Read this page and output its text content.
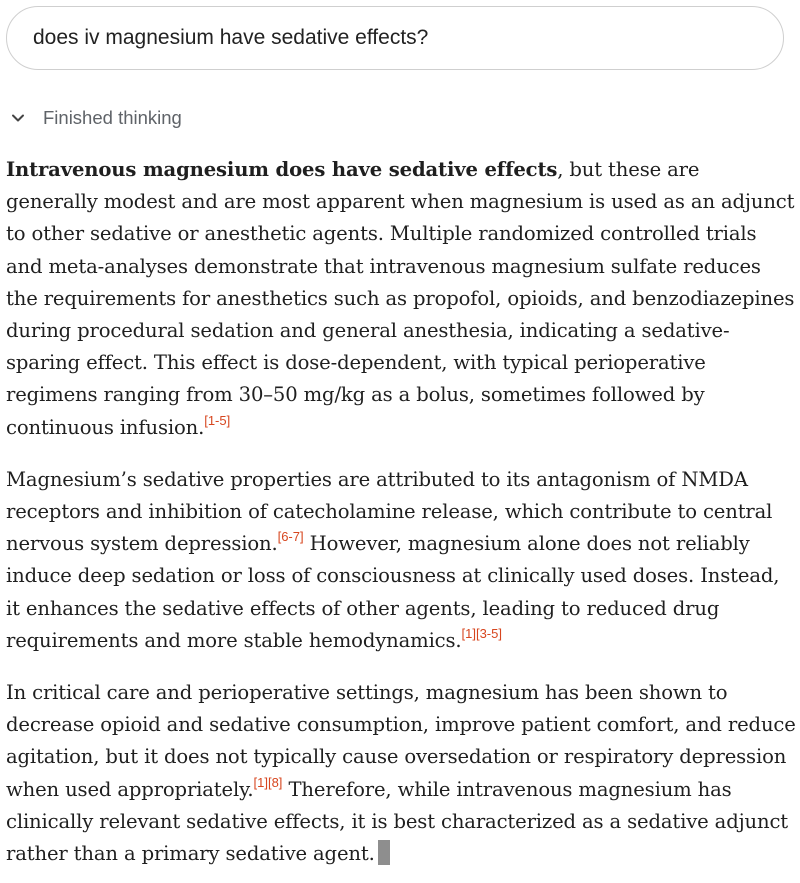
does iv magnesium have sedative effects?
Finished thinking

Intravenous magnesium does have sedative effects, but these are generally modest and are most apparent when magnesium is used as an adjunct to other sedative or anesthetic agents. Multiple randomized controlled trials and meta-analyses demonstrate that intravenous magnesium sulfate reduces the requirements for anesthetics such as propofol, opioids, and benzodiazepines during procedural sedation and general anesthesia, indicating a sedative-sparing effect. This effect is dose-dependent, with typical perioperative regimens ranging from 30–50 mg/kg as a bolus, sometimes followed by continuous infusion.[1-5]

Magnesium’s sedative properties are attributed to its antagonism of NMDA receptors and inhibition of catecholamine release, which contribute to central nervous system depression.[6-7] However, magnesium alone does not reliably induce deep sedation or loss of consciousness at clinically used doses. Instead, it enhances the sedative effects of other agents, leading to reduced drug requirements and more stable hemodynamics.[1][3-5]

In critical care and perioperative settings, magnesium has been shown to decrease opioid and sedative consumption, improve patient comfort, and reduce agitation, but it does not typically cause oversedation or respiratory depression when used appropriately.[1][8] Therefore, while intravenous magnesium has clinically relevant sedative effects, it is best characterized as a sedative adjunct rather than a primary sedative agent.
